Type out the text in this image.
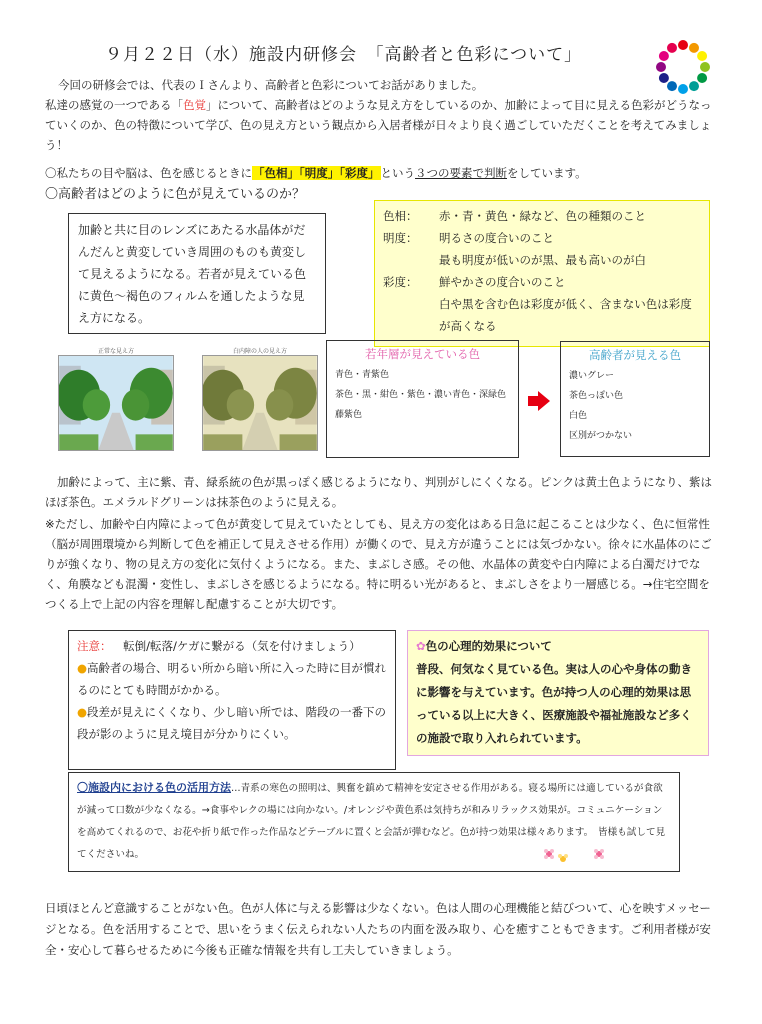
９月２２日（水）施設内研修会　「高齢者と色彩について」
今回の研修会では、代表のＩさんより、高齢者と色彩についてお話がありました。
私達の感覚の一つである「色覚」について、高齢者はどのような見え方をしているのか、加齢によって目に見える色彩がどうなっていくのか、色の特徴について学び、色の見え方という観点から入居者様が日々より良く過ごしていただくことを考えてみましょう！
〇私たちの目や脳は、色を感じるときに「色相」「明度」「彩度」という３つの要素で判断をしています。
〇高齢者はどのように色が見えているのか？
加齢と共に目のレンズにあたる水晶体がだんだんと黄変していき周囲のものも黄変して見えるようになる。若者が見えている色に黄色〜褐色のフィルムを通したような見え方になる。
色相：	赤・青・黄色・緑など、色の種類のこと
明度：	明るさの度合いのこと
最も明度が低いのが黒、最も高いのが白
彩度：	鮮やかさの度合いのこと
白や黒を含む色は彩度が低く、含まない色は彩度が高くなる
正常な見え方	白内障の人の見え方	若年層が見えている色
青色・青紫色
茶色・黒・紺色・紫色・濃い青色・深緑色
藤紫色
高齢者が見える色
濃いグレー
茶色っぽい色
白色
区別がつかない
加齢によって、主に紫、青、緑系統の色が黒っぽく感じるようになり、判別がしにくくなる。ピンクは黄土色ようになり、紫はほぼ茶色。エメラルドグリーンは抹茶色のように見える。
※ただし、加齢や白内障によって色が黄変して見えていたとしても、見え方の変化はある日急に起こることは少なく、色に恒常性（脳が周囲環境から判断して色を補正して見えさせる作用）が働くので、見え方が違うことには気づかない。徐々に水晶体のにごりが強くなり、物の見え方の変化に気付くようになる。また、まぶしさ感。その他、水晶体の黄変や白内障による白濁だけでなく、角膜なども混濁・変性し、まぶしさを感じるようになる。特に明るい光があると、まぶしさをより一層感じる。→住宅空間をつくる上で上記の内容を理解し配慮することが大切です。
注意： 転倒/転落/ケガに繋がる（気を付けましょう）
●高齢者の場合、明るい所から暗い所に入った時に目が慣れるのにとても時間がかかる。
●段差が見えにくくなり、少し暗い所では、階段の一番下の段が影のように見え境目が分かりにくい。
✿色の心理的効果について
普段、何気なく見ている色。実は人の心や身体の動きに影響を与えています。色が持つ人の心理的効果は思っている以上に大きく、医療施設や福祉施設など多くの施設で取り入れられています。
〇施設内における色の活用方法…青系の寒色の照明は、興奮を鎮めて精神を安定させる作用がある。寝る場所には適しているが食欲が減って口数が少なくなる。→食事やレクの場には向かない。/オレンジや黄色系は気持ちが和みリラックス効果が。コミュニケーションを高めてくれるので、お花や折り紙で作った作品などテーブルに置くと会話が弾むなど。色が持つ効果は様々あります。　皆様も試して見てくださいね。
日頃ほとんど意識することがない色。色が人体に与える影響は少なくない。色は人間の心理機能と結びついて、心を映すメッセージとなる。色を活用することで、思いをうまく伝えられない人たちの内面を汲み取り、心を癒すこともできます。ご利用者様が安全・安心して暮らせるために今後も正確な情報を共有し工夫していきましょう。
